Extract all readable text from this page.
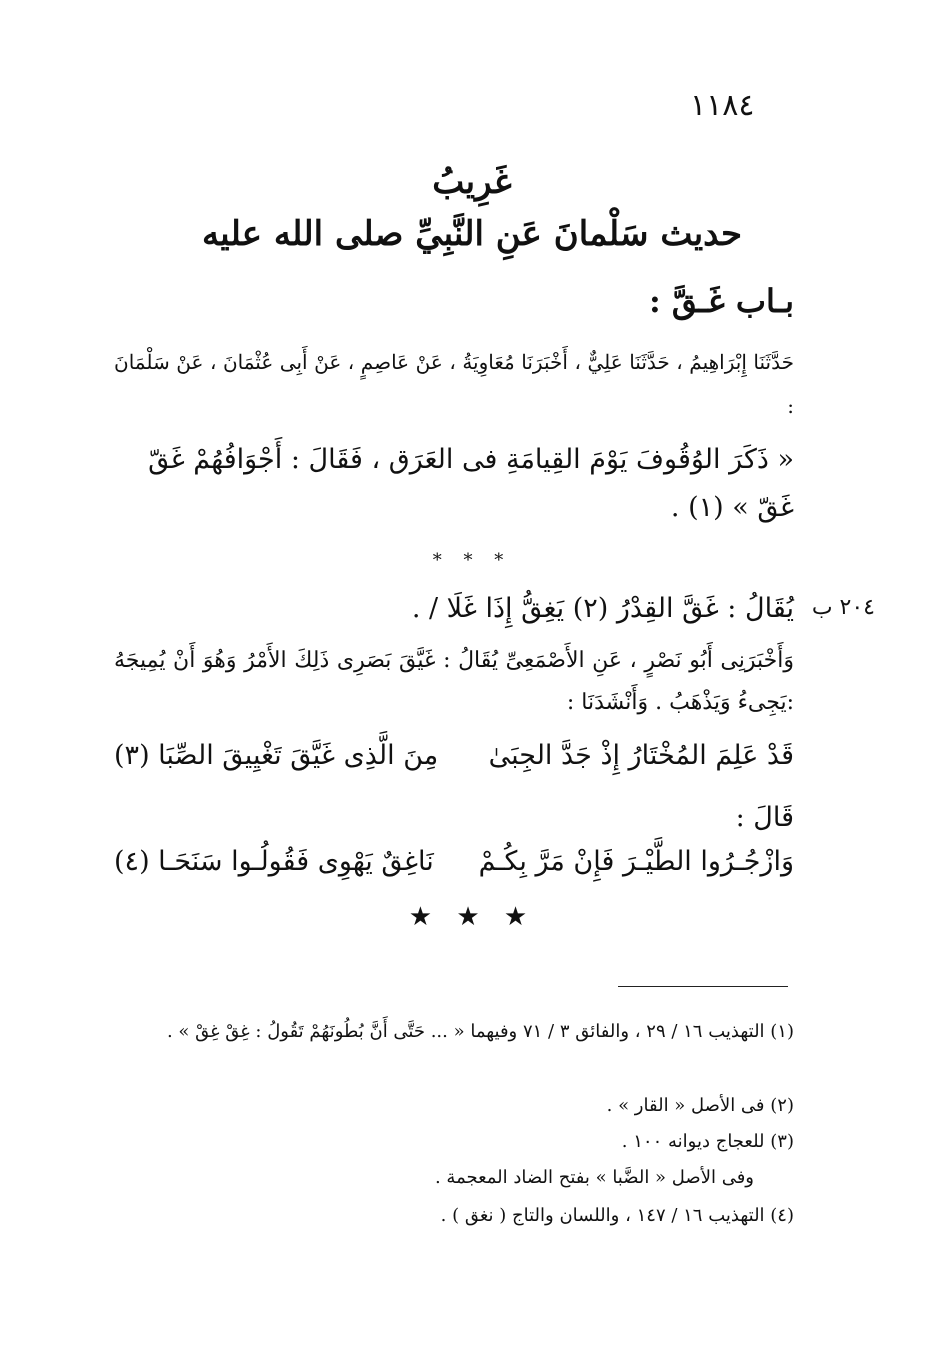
١١٨٤
غَرِيبُ
حديث سَلْمانَ عَنِ النَّبِيِّ صلى الله عليه
بـاب غَـقَّ :
حَدَّثَنَا إِبْرَاهِيمُ ، حَدَّثَنَا عَلِيٌّ ، أَخْبَرَنَا مُعَاوِيَةُ ، عَنْ عَاصِمٍ ، عَنْ أَبِى عُثْمَانَ ، عَنْ سَلْمَانَ :
« ذَكَرَ الوُقُوفَ يَوْمَ القِيامَةِ فى العَرَق ، فَقَالَ : أَجْوَافُهُمْ غَقّ غَقّ » (١) .
* * *
٢٠٤ ب
يُقَالُ : غَقَّ القِدْرُ (٢) يَغِقُّ إِذَا غَلَا / .
وَأَخْبَرَنِى أَبُو نَصْرٍ ، عَنِ الأَصْمَعِىِّ يُقَالُ : غَيَّقَ بَصَرِى ذَلِكَ الأَمْرُ وَهُوَ أَنْ يُمِيجَهُ :يَجِىءُ وَيَذْهَبُ . وَأَنْشَدَنَا :
قَدْ عَلِمَ المُخْتَارُ إِذْ جَدَّ الجِبَىٰ
مِنَ الَّذِى غَيَّقَ تَغْيِيقَ الصِّبَا (٣)
قَالَ :
وَازْجُـرُوا الطَّيْـرَ فَإِنْ مَرَّ بِكُـمْ
نَاغِقٌ يَهْوِى فَقُولُـوا سَنَحَـا (٤)
★ ★ ★
(١) التهذيب ١٦ / ٢٩ ، والفائق ٣ / ٧١ وفيهما « ... حَتَّى أَنَّ بُطُونَهُمْ تَقُولُ : غِقْ غِقْ » .
(٢) فى الأصل « القار » .
(٣) للعجاج ديوانه ١٠٠ .
وفى الأصل « الضَّبا » بفتح الضاد المعجمة .
(٤) التهذيب ١٦ / ١٤٧ ، واللسان والتاج ( نغق ) .
